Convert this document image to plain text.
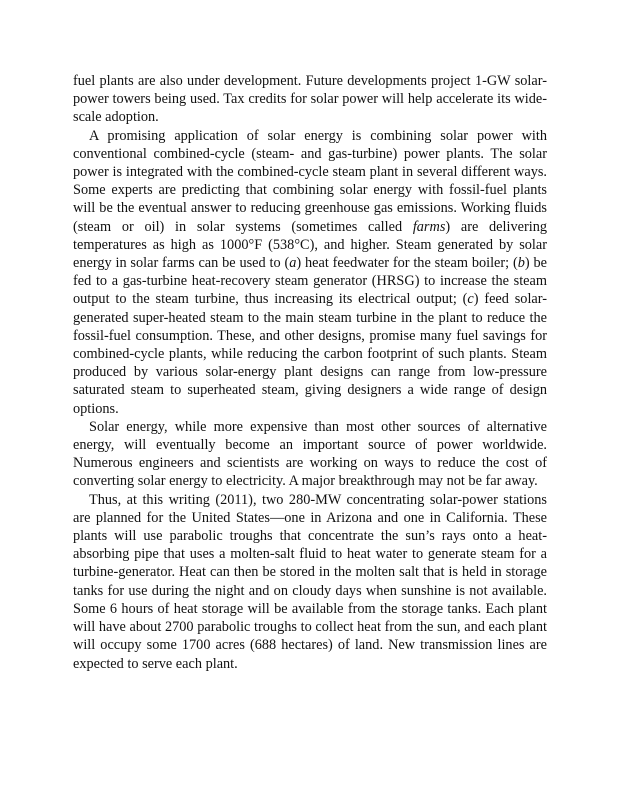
fuel plants are also under development. Future developments project 1-GW solar-power towers being used. Tax credits for solar power will help accelerate its wide-scale adoption.

A promising application of solar energy is combining solar power with conventional combined-cycle (steam- and gas-turbine) power plants. The solar power is integrated with the combined-cycle steam plant in several different ways. Some experts are predicting that combining solar energy with fossil-fuel plants will be the eventual answer to reducing greenhouse gas emissions. Working fluids (steam or oil) in solar systems (sometimes called farms) are delivering temperatures as high as 1000°F (538°C), and higher. Steam generated by solar energy in solar farms can be used to (a) heat feedwater for the steam boiler; (b) be fed to a gas-turbine heat-recovery steam generator (HRSG) to increase the steam output to the steam turbine, thus increasing its electrical output; (c) feed solar-generated super-heated steam to the main steam turbine in the plant to reduce the fossil-fuel consumption. These, and other designs, promise many fuel savings for combined-cycle plants, while reducing the carbon footprint of such plants. Steam produced by various solar-energy plant designs can range from low-pressure saturated steam to superheated steam, giving designers a wide range of design options.

Solar energy, while more expensive than most other sources of alternative energy, will eventually become an important source of power worldwide. Numerous engineers and scientists are working on ways to reduce the cost of converting solar energy to electricity. A major breakthrough may not be far away.

Thus, at this writing (2011), two 280-MW concentrating solar-power stations are planned for the United States—one in Arizona and one in California. These plants will use parabolic troughs that concentrate the sun’s rays onto a heat-absorbing pipe that uses a molten-salt fluid to heat water to generate steam for a turbine-generator. Heat can then be stored in the molten salt that is held in storage tanks for use during the night and on cloudy days when sunshine is not available. Some 6 hours of heat storage will be available from the storage tanks. Each plant will have about 2700 parabolic troughs to collect heat from the sun, and each plant will occupy some 1700 acres (688 hectares) of land. New transmission lines are expected to serve each plant.
